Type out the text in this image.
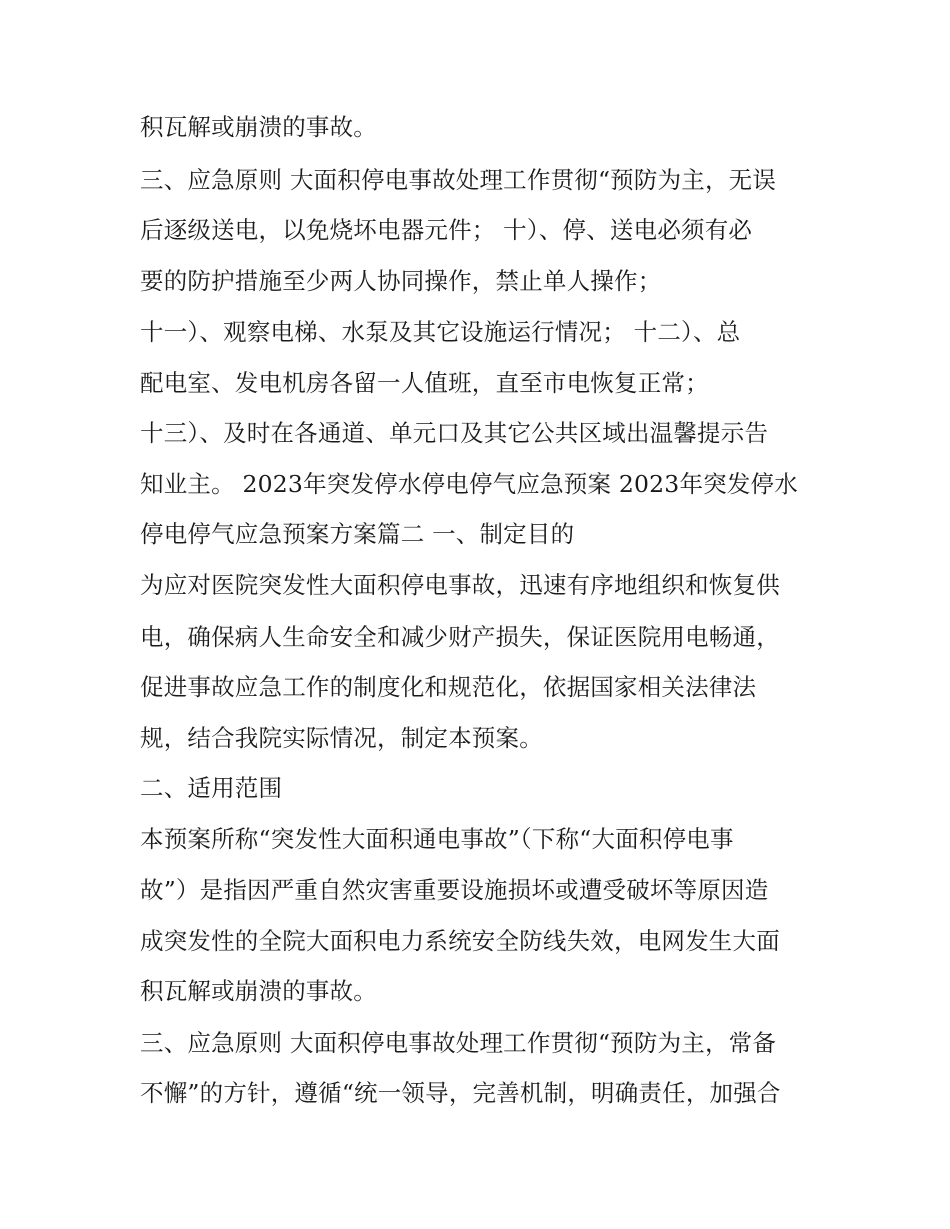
积瓦解或崩溃的事故。
三、应急原则 大面积停电事故处理工作贯彻“预防为主，无误
后逐级送电，以免烧坏电器元件； 十）、停、送电必须有必
要的防护措施至少两人协同操作，禁止单人操作；
十一）、观察电梯、水泵及其它设施运行情况； 十二）、总
配电室、发电机房各留一人值班，直至市电恢复正常；
十三）、及时在各通道、单元口及其它公共区域出温馨提示告
知业主。 2023年突发停水停电停气应急预案 2023年突发停水
停电停气应急预案方案篇二 一、制定目的
为应对医院突发性大面积停电事故，迅速有序地组织和恢复供
电，确保病人生命安全和减少财产损失，保证医院用电畅通，
促进事故应急工作的制度化和规范化，依据国家相关法律法
规，结合我院实际情况，制定本预案。
二、适用范围
本预案所称“突发性大面积通电事故”（下称“大面积停电事
故”）是指因严重自然灾害重要设施损坏或遭受破坏等原因造
成突发性的全院大面积电力系统安全防线失效，电网发生大面
积瓦解或崩溃的事故。
三、应急原则 大面积停电事故处理工作贯彻“预防为主，常备
不懈”的方针，遵循“统一领导，完善机制，明确责任，加强合
